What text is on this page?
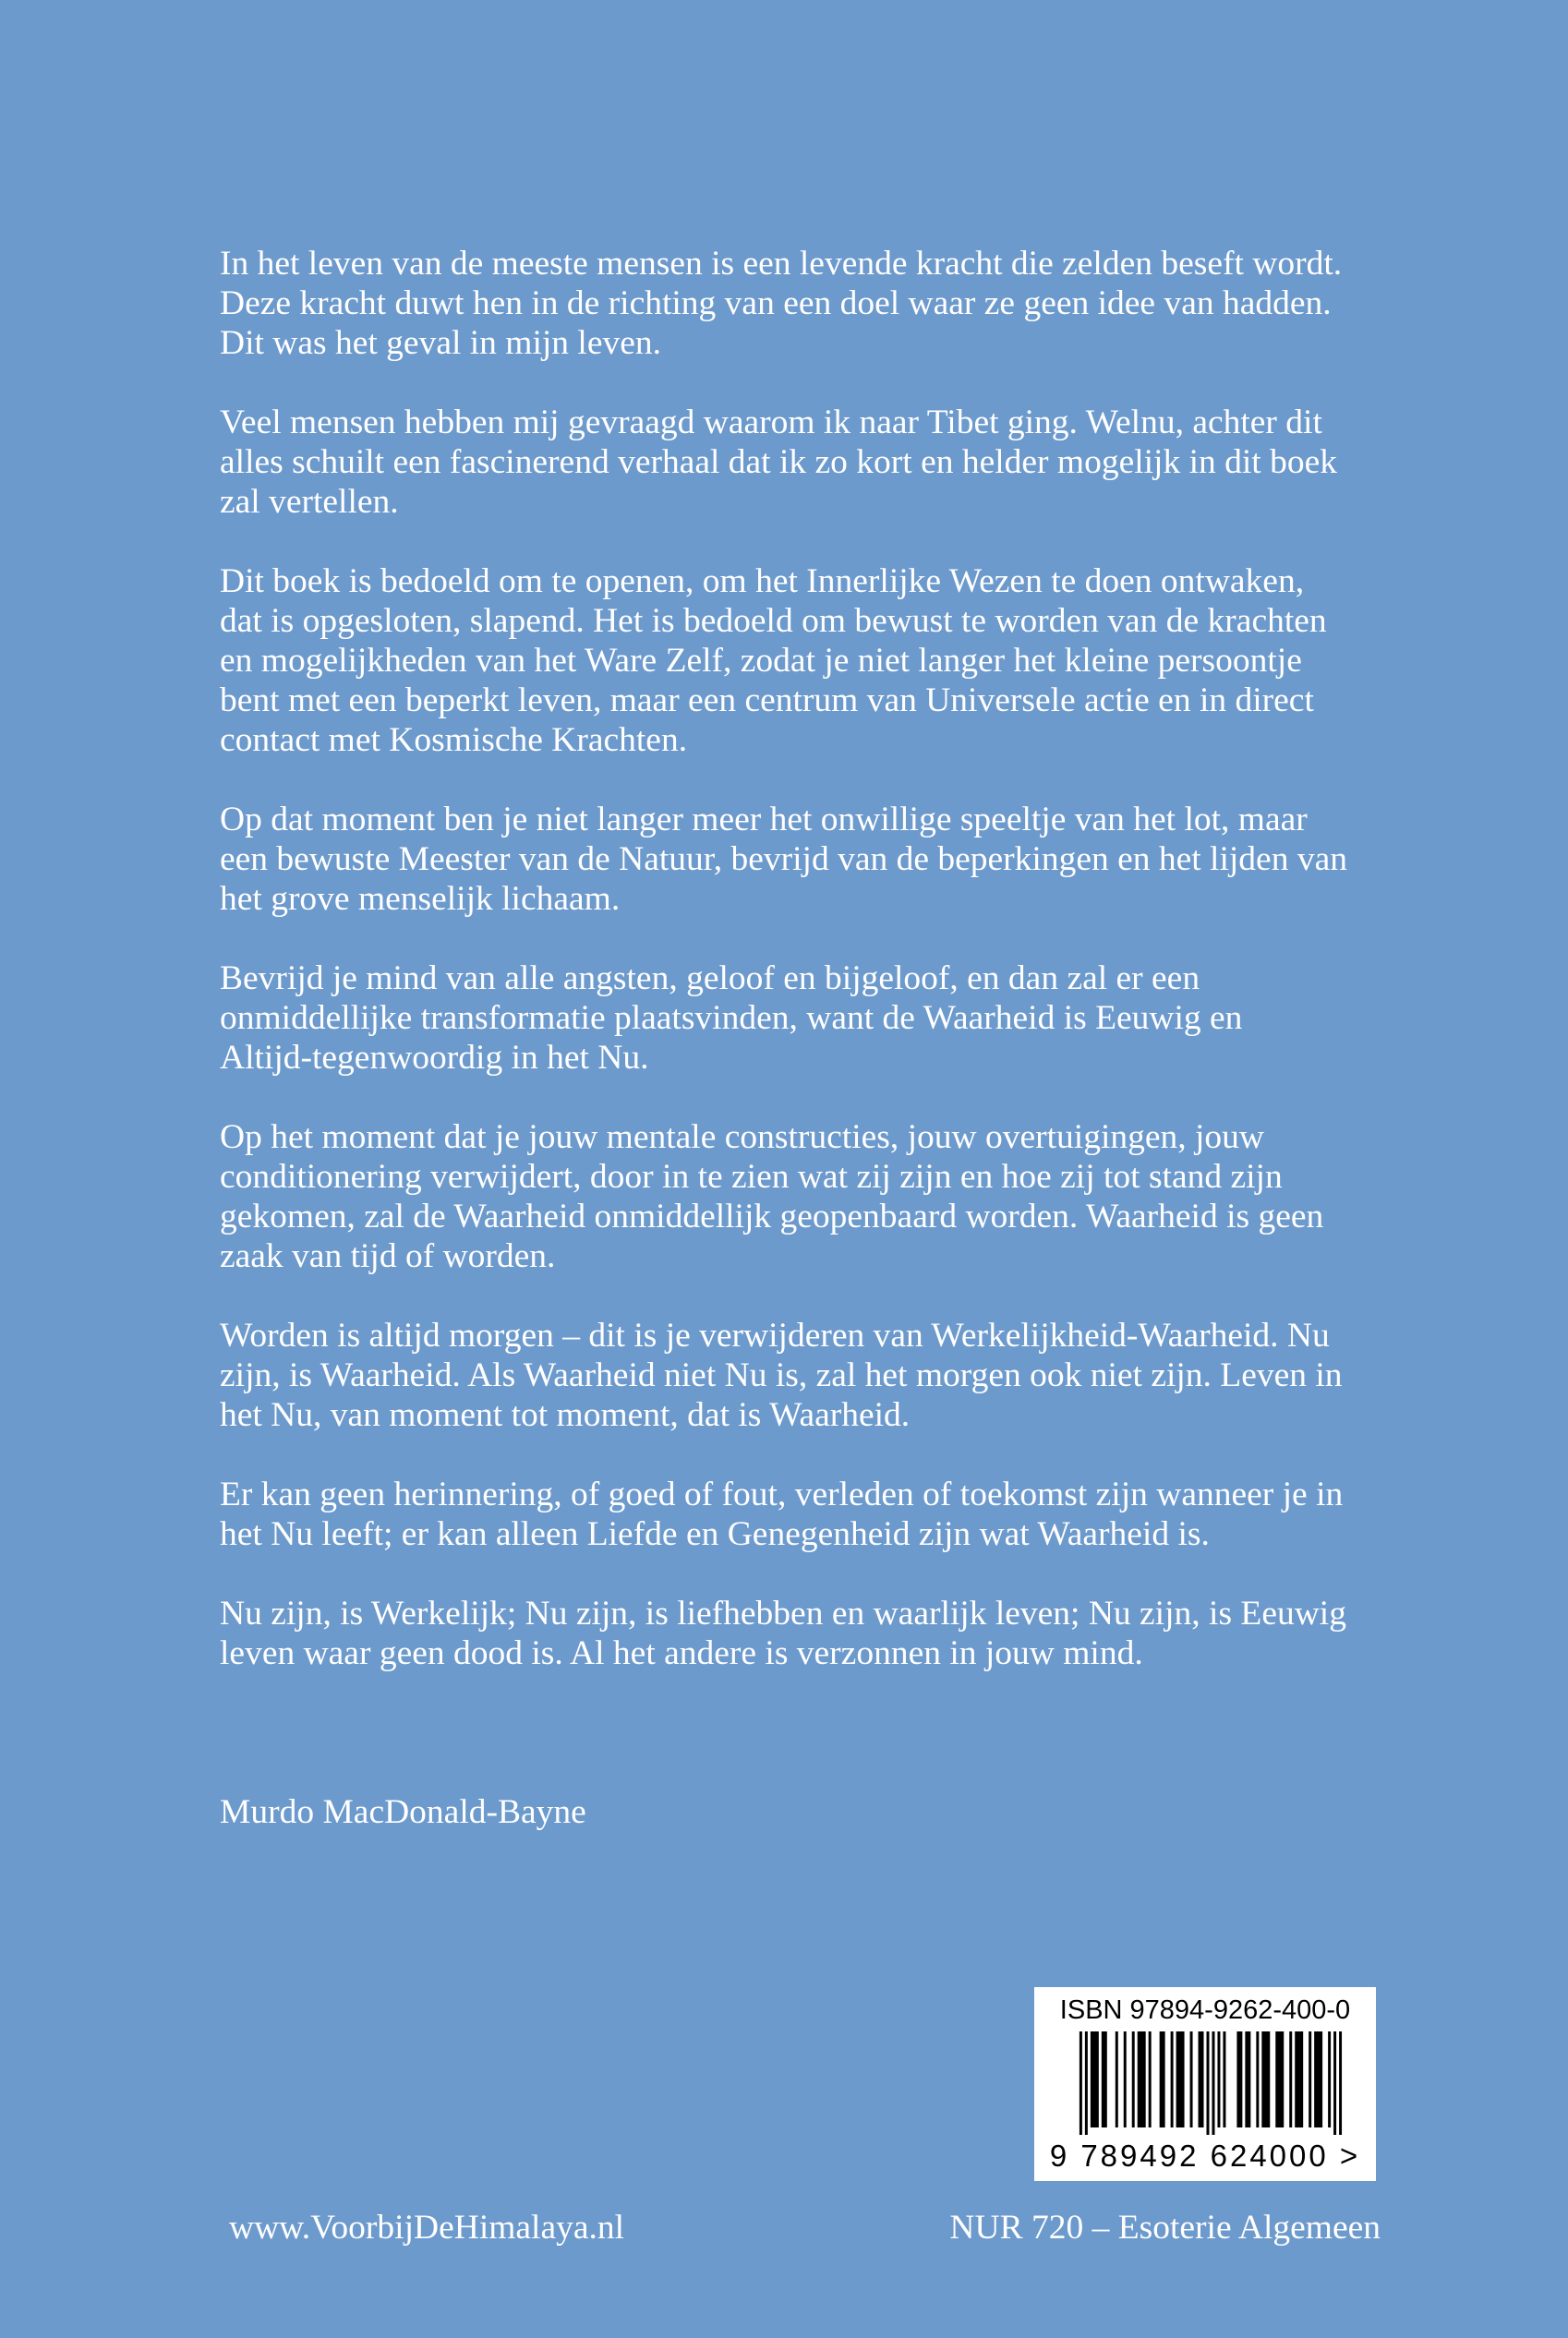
In het leven van de meeste mensen is een levende kracht die zelden beseft wordt.
Deze kracht duwt hen in de richting van een doel waar ze geen idee van hadden.
Dit was het geval in mijn leven.

Veel mensen hebben mij gevraagd waarom ik naar Tibet ging. Welnu, achter dit
alles schuilt een fascinerend verhaal dat ik zo kort en helder mogelijk in dit boek
zal vertellen.

Dit boek is bedoeld om te openen, om het Innerlijke Wezen te doen ontwaken,
dat is opgesloten, slapend. Het is bedoeld om bewust te worden van de krachten
en mogelijkheden van het Ware Zelf, zodat je niet langer het kleine persoontje
bent met een beperkt leven, maar een centrum van Universele actie en in direct
contact met Kosmische Krachten.

Op dat moment ben je niet langer meer het onwillige speeltje van het lot, maar
een bewuste Meester van de Natuur, bevrijd van de beperkingen en het lijden van
het grove menselijk lichaam.

Bevrijd je mind van alle angsten, geloof en bijgeloof, en dan zal er een
onmiddellijke transformatie plaatsvinden, want de Waarheid is Eeuwig en
Altijd-tegenwoordig in het Nu.

Op het moment dat je jouw mentale constructies, jouw overtuigingen, jouw
conditionering verwijdert, door in te zien wat zij zijn en hoe zij tot stand zijn
gekomen, zal de Waarheid onmiddellijk geopenbaard worden. Waarheid is geen
zaak van tijd of worden.

Worden is altijd morgen – dit is je verwijderen van Werkelijkheid-Waarheid. Nu
zijn, is Waarheid. Als Waarheid niet Nu is, zal het morgen ook niet zijn. Leven in
het Nu, van moment tot moment, dat is Waarheid.

Er kan geen herinnering, of goed of fout, verleden of toekomst zijn wanneer je in
het Nu leeft; er kan alleen Liefde en Genegenheid zijn wat Waarheid is.

Nu zijn, is Werkelijk; Nu zijn, is liefhebben en waarlijk leven; Nu zijn, is Eeuwig
leven waar geen dood is. Al het andere is verzonnen in jouw mind.

Murdo MacDonald-Bayne
ISBN 97894-9262-400-0
9 789492 624000 >
www.VoorbijDeHimalaya.nl	NUR 720 – Esoterie Algemeen
